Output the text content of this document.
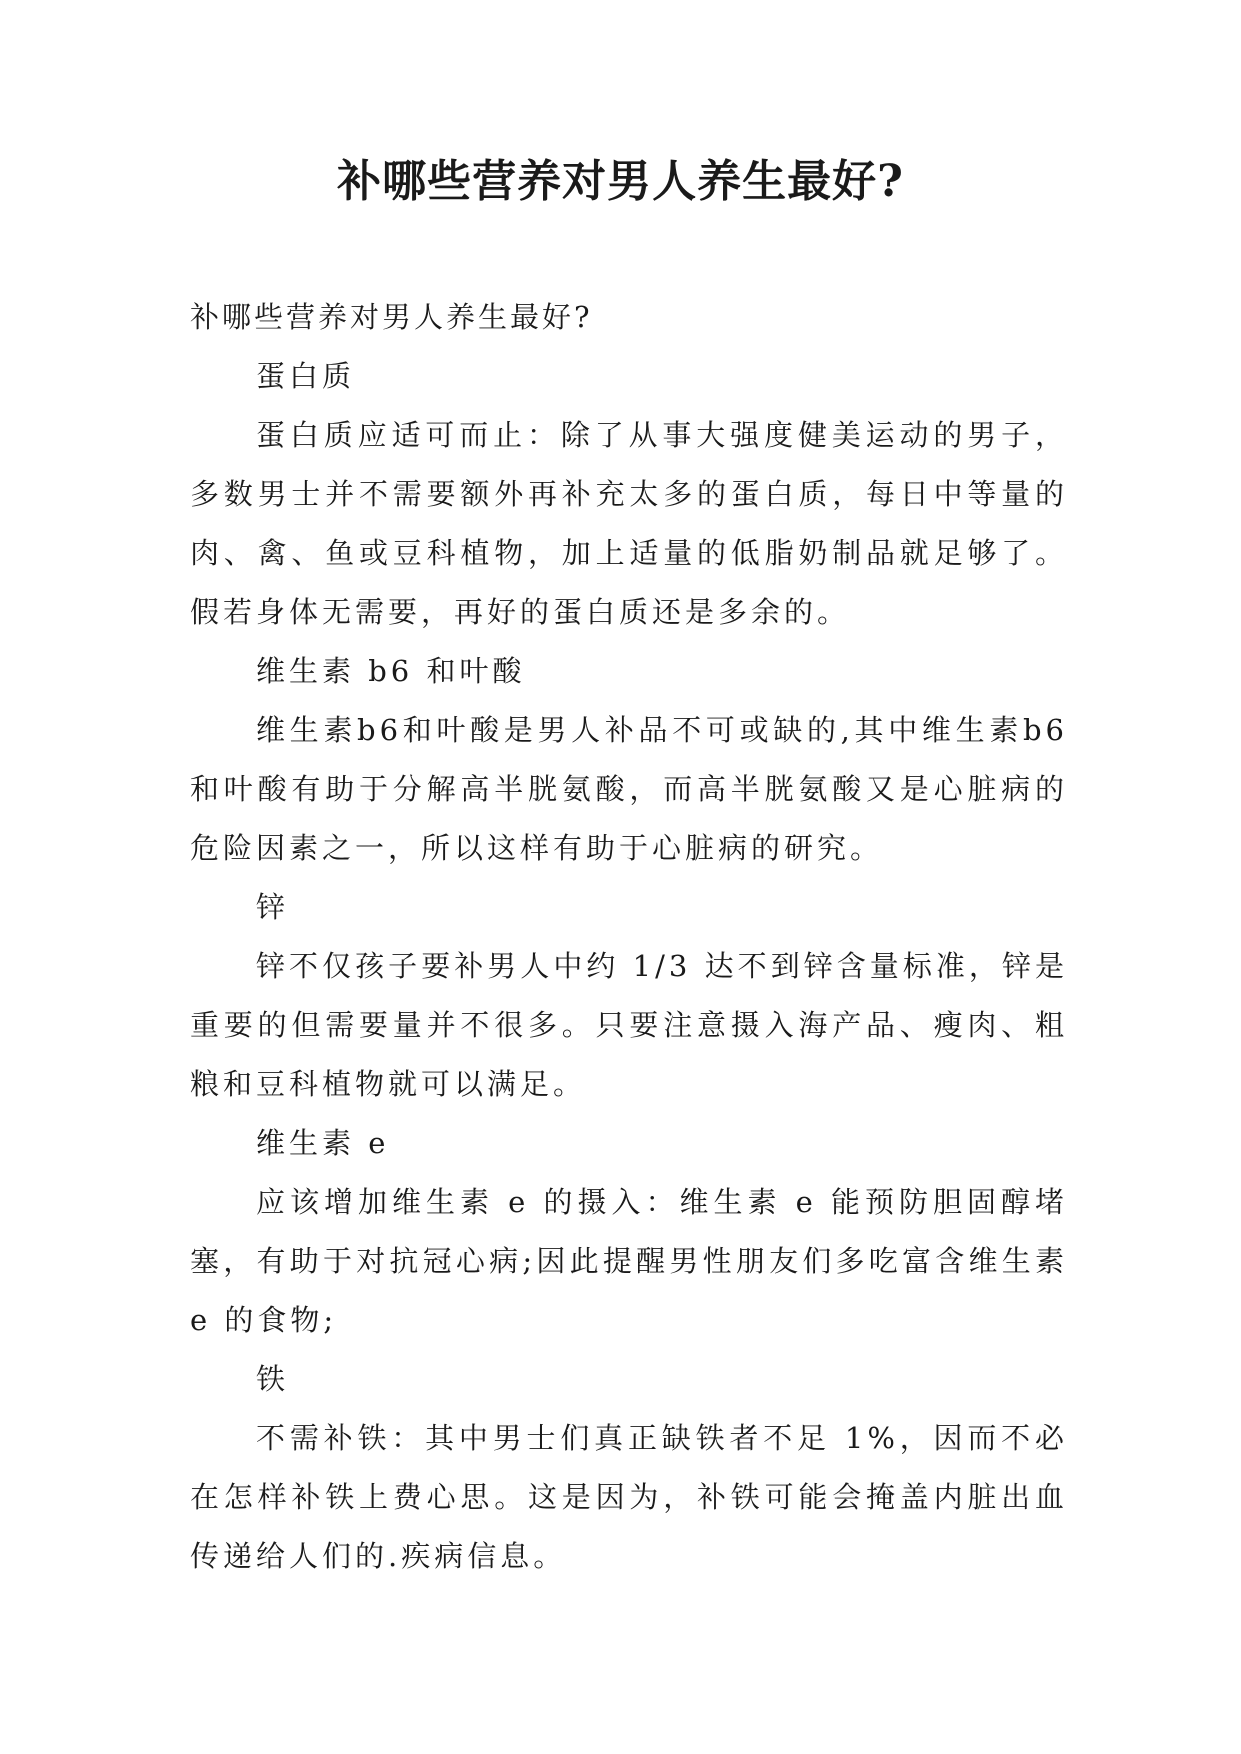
补哪些营养对男人养生最好?

补哪些营养对男人养生最好?

蛋白质

蛋白质应适可而止：除了从事大强度健美运动的男子，多数男士并不需要额外再补充太多的蛋白质，每日中等量的肉、禽、鱼或豆科植物，加上适量的低脂奶制品就足够了。假若身体无需要，再好的蛋白质还是多余的。

维生素 b6 和叶酸

维生素b6和叶酸是男人补品不可或缺的,其中维生素b6和叶酸有助于分解高半胱氨酸，而高半胱氨酸又是心脏病的危险因素之一，所以这样有助于心脏病的研究。

锌

锌不仅孩子要补男人中约 1/3 达不到锌含量标准，锌是重要的但需要量并不很多。只要注意摄入海产品、瘦肉、粗粮和豆科植物就可以满足。

维生素 e

应该增加维生素 e 的摄入：维生素 e 能预防胆固醇堵塞，有助于对抗冠心病;因此提醒男性朋友们多吃富含维生素 e 的食物;

铁

不需补铁：其中男士们真正缺铁者不足 1%，因而不必在怎样补铁上费心思。这是因为，补铁可能会掩盖内脏出血传递给人们的.疾病信息。
